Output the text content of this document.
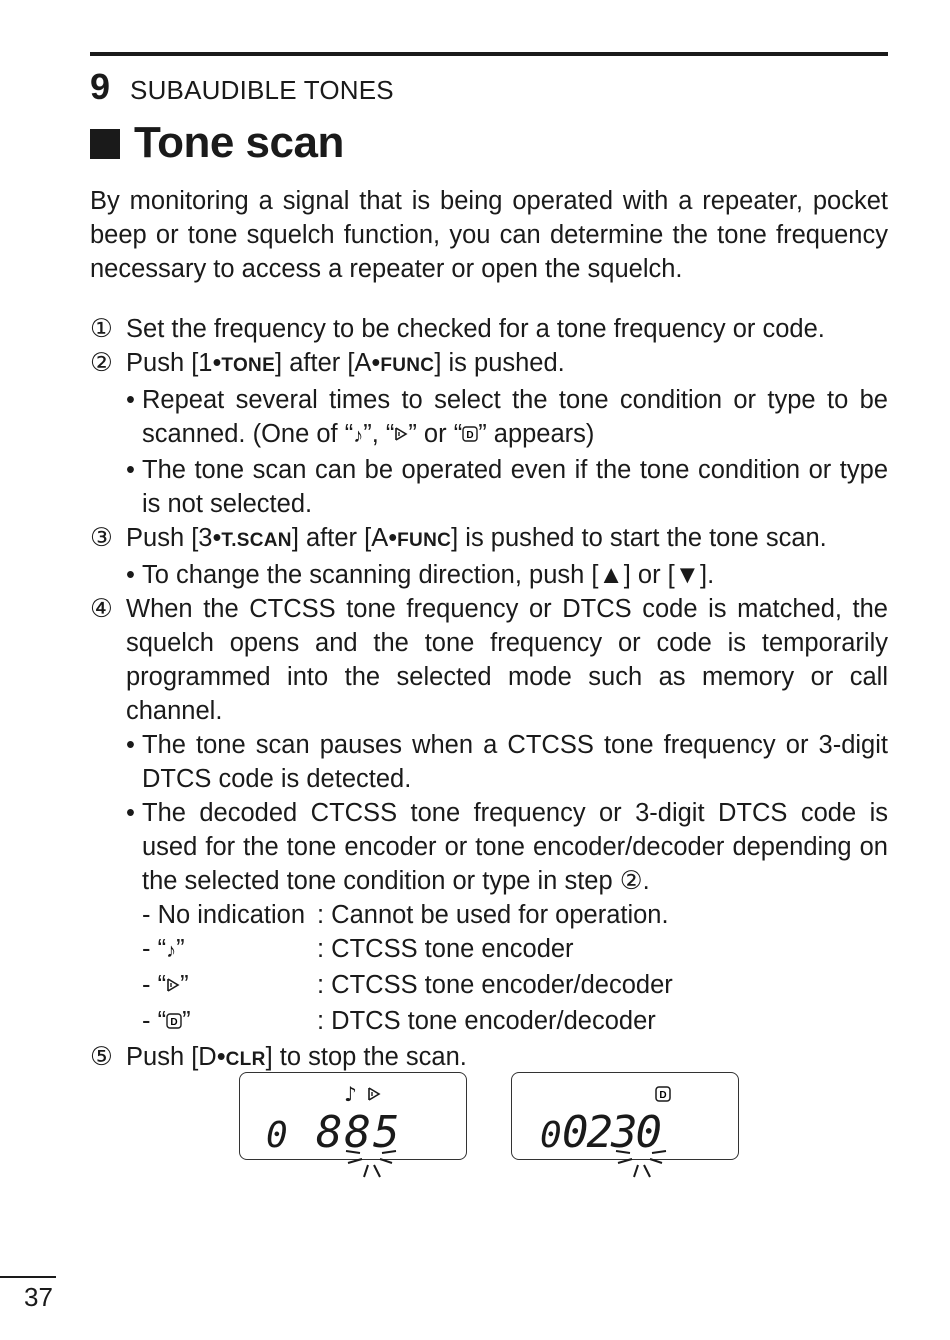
9 SUBAUDIBLE TONES
Tone scan

By monitoring a signal that is being operated with a repeater, pocket beep or tone squelch function, you can determine the tone frequency necessary to access a repeater or open the squelch.

① Set the frequency to be checked for a tone frequency or code.
② Push [1•TONE] after [A•FUNC] is pushed.
• Repeat several times to select the tone condition or type to be scanned. (One of “♪”, “ ” or “ D ” appears)
• The tone scan can be operated even if the tone condition or type is not selected.
③ Push [3•T.SCAN] after [A•FUNC] is pushed to start the tone scan.
• To change the scanning direction, push [▲] or [▼].
④ When the CTCSS tone frequency or DTCS code is matched, the squelch opens and the tone frequency or code is temporarily programmed into the selected mode such as memory or call channel.
• The tone scan pauses when a CTCSS tone frequency or 3-digit DTCS code is detected.
• The decoded CTCSS tone frequency or 3-digit DTCS code is used for the tone encoder or tone encoder/decoder depending on the selected tone condition or type in step ②.
- No indication : Cannot be used for operation.
- “♪”	: CTCSS tone encoder
- “ ”	: CTCSS tone encoder/decoder
- “ D ”	: DTCS tone encoder/decoder
⑤ Push [D•CLR] to stop the scan.
♪
0 885
D
0 0230
37
